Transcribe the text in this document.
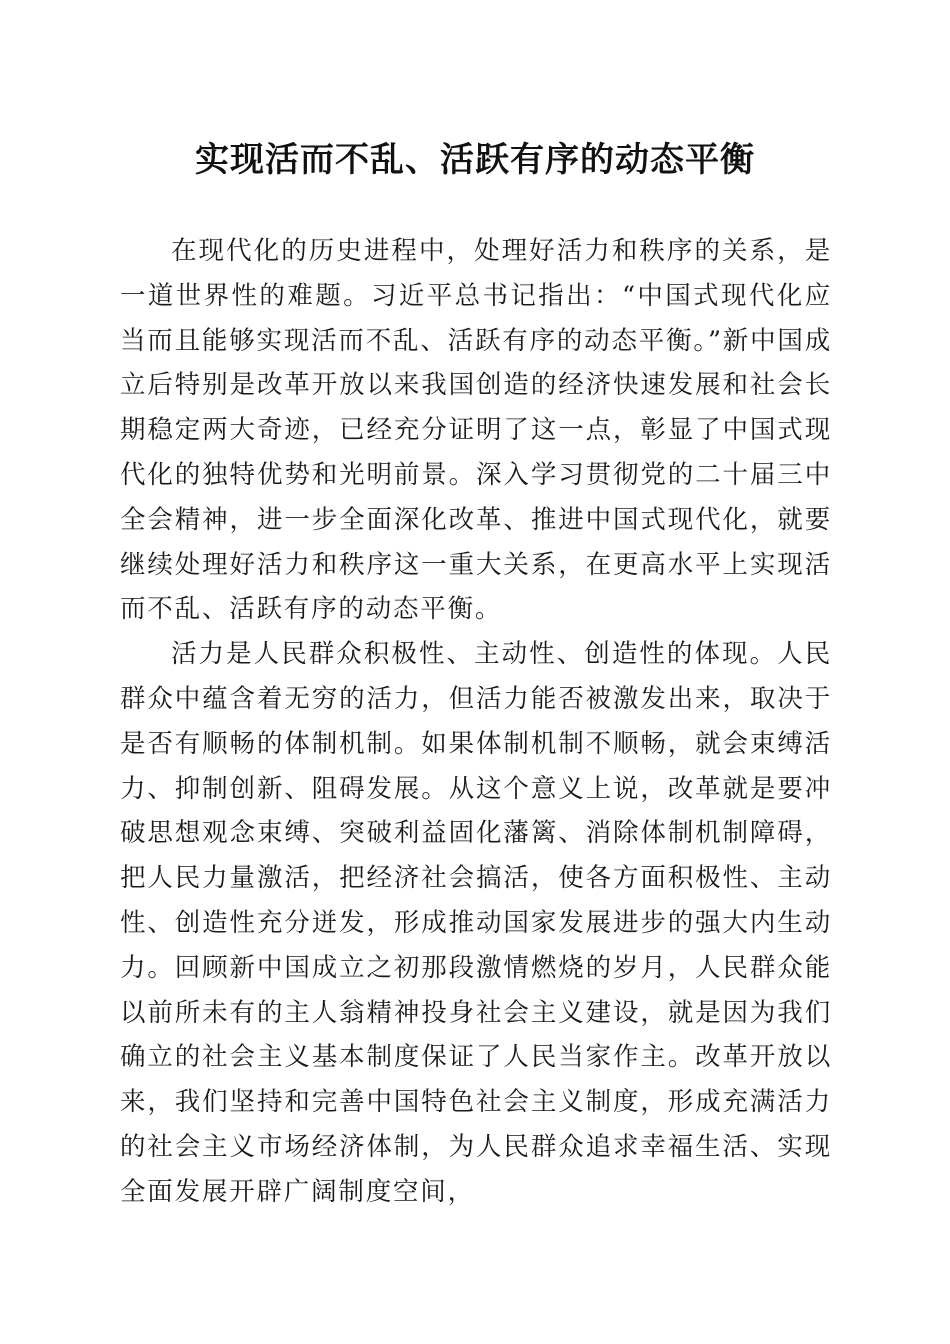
实现活而不乱、活跃有序的动态平衡

在现代化的历史进程中，处理好活力和秩序的关系，是一道世界性的难题。习近平总书记指出：“中国式现代化应当而且能够实现活而不乱、活跃有序的动态平衡。”新中国成立后特别是改革开放以来我国创造的经济快速发展和社会长期稳定两大奇迹，已经充分证明了这一点，彰显了中国式现代化的独特优势和光明前景。深入学习贯彻党的二十届三中全会精神，进一步全面深化改革、推进中国式现代化，就要继续处理好活力和秩序这一重大关系，在更高水平上实现活而不乱、活跃有序的动态平衡。

活力是人民群众积极性、主动性、创造性的体现。人民群众中蕴含着无穷的活力，但活力能否被激发出来，取决于是否有顺畅的体制机制。如果体制机制不顺畅，就会束缚活力、抑制创新、阻碍发展。从这个意义上说，改革就是要冲破思想观念束缚、突破利益固化藩篱、消除体制机制障碍，把人民力量激活，把经济社会搞活，使各方面积极性、主动性、创造性充分迸发，形成推动国家发展进步的强大内生动力。回顾新中国成立之初那段激情燃烧的岁月，人民群众能以前所未有的主人翁精神投身社会主义建设，就是因为我们确立的社会主义基本制度保证了人民当家作主。改革开放以来，我们坚持和完善中国特色社会主义制度，形成充满活力的社会主义市场经济体制，为人民群众追求幸福生活、实现全面发展开辟广阔制度空间，
